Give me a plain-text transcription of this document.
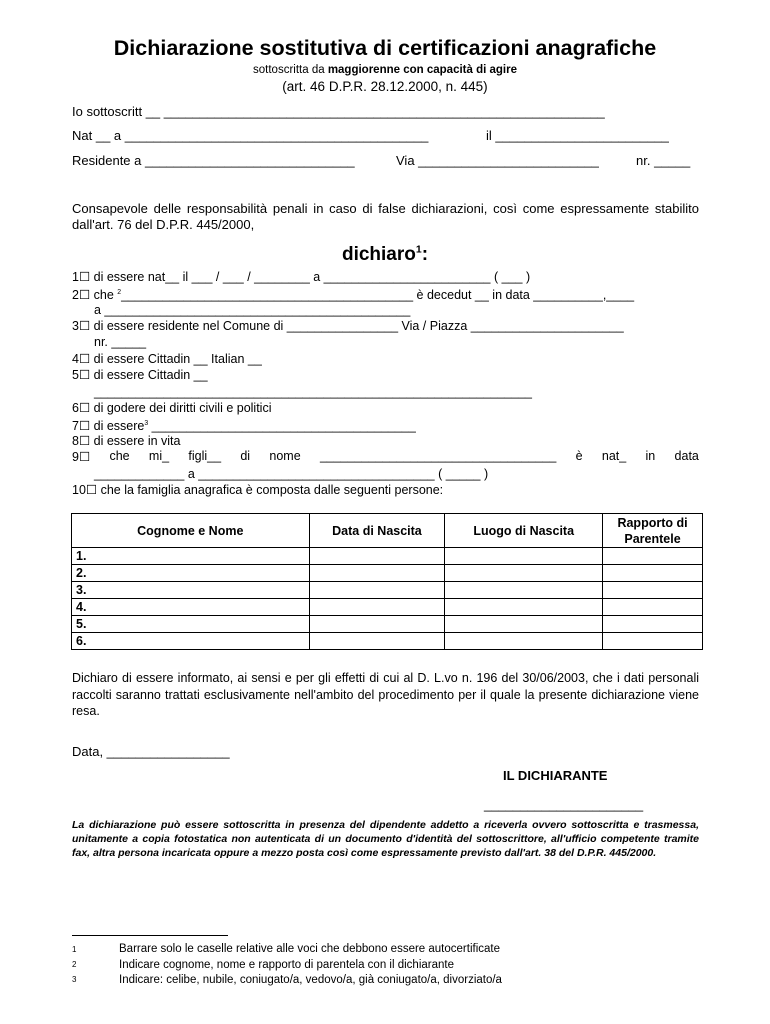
Dichiarazione sostitutiva di certificazioni anagrafiche
sottoscritta da maggiorenne con capacità di agire
(art. 46 D.P.R. 28.12.2000, n. 445)
Io sottoscritt __ _____________________________________________________________
Nat __ a __________________________________________	il ________________________
Residente a _____________________________	Via _________________________	nr. _____
Consapevole delle responsabilità penali in caso di false dichiarazioni, così come espressamente stabilito dall'art. 76 del D.P.R. 445/2000,
dichiaro$^1$:
1☐ di essere nat__ il ___ / ___ / ________ a ________________________ ( ___ )
2☐ che $^2$__________________________________________ è decedut __ in data __________,____
a ____________________________________________
3☐ di essere residente nel Comune di ________________ Via / Piazza ______________________
nr. _____
4☐ di essere Cittadin __ Italian __
5☐ di essere Cittadin __
_______________________________________________________________
6☐ di godere dei diritti civili e politici
7☐ di essere$^3$ ______________________________________
8☐ di essere in vita
9☐ che mi_ figli__ di nome __________________________________ è nat_ in data
_____________ a __________________________________ ( _____ )
10☐ che la famiglia anagrafica è composta dalle seguenti persone:
Cognome e Nome	Data di Nascita	Luogo di Nascita	Rapporto di Parentele
1.			
2.			
3.			
4.			
5.			
6.			
Dichiaro di essere informato, ai sensi e per gli effetti di cui al D. L.vo n. 196 del 30/06/2003, che i dati personali raccolti saranno trattati esclusivamente nell'ambito del procedimento per il quale la presente dichiarazione viene resa.
Data, _________________
IL DICHIARANTE
______________________
La dichiarazione può essere sottoscritta in presenza del dipendente addetto a riceverla ovvero sottoscritta e trasmessa, unitamente a copia fotostatica non autenticata di un documento d'identità del sottoscrittore, all'ufficio competente tramite fax, altra persona incaricata oppure a mezzo posta così come espressamente previsto dall'art. 38 del D.P.R. 445/2000.
1	Barrare solo le caselle relative alle voci che debbono essere autocertificate
2	Indicare cognome, nome e rapporto di parentela con il dichiarante
3	Indicare: celibe, nubile, coniugato/a, vedovo/a, già coniugato/a, divorziato/a
